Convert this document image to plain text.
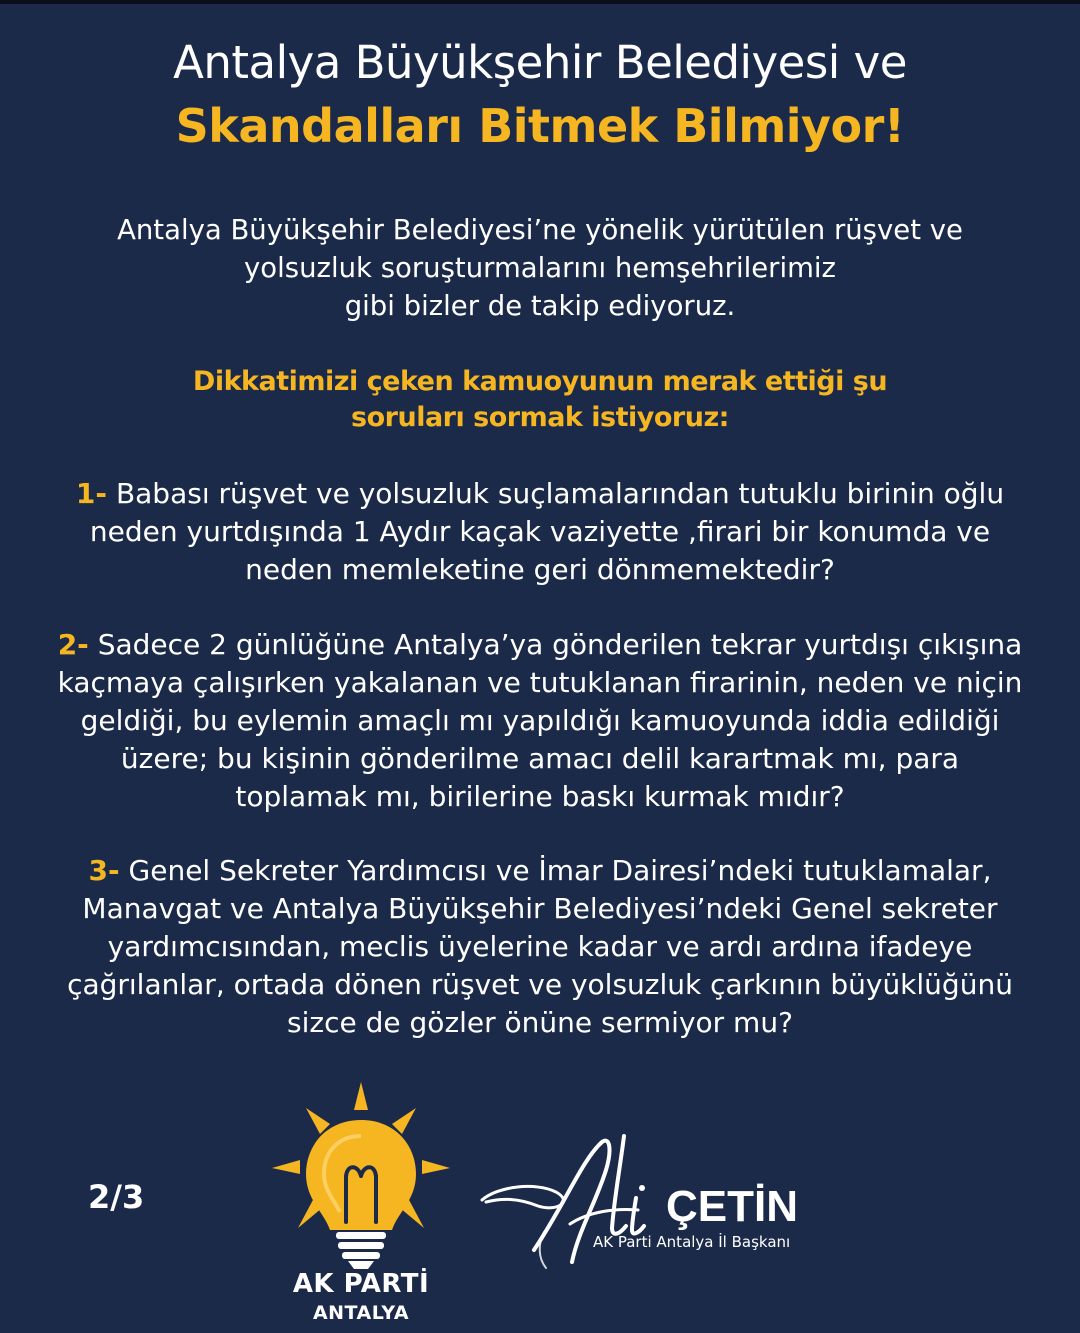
Antalya Büyükşehir Belediyesi ve
Skandalları Bitmek Bilmiyor!
Antalya Büyükşehir Belediyesi’ne yönelik yürütülen rüşvet ve
yolsuzluk soruşturmalarını hemşehrilerimiz
gibi bizler de takip ediyoruz.
Dikkatimizi çeken kamuoyunun merak ettiği şu
soruları sormak istiyoruz:
1- Babası rüşvet ve yolsuzluk suçlamalarından tutuklu birinin oğlu
neden yurtdışında 1 Aydır kaçak vaziyette ,firari bir konumda ve
neden memleketine geri dönmemektedir?
2- Sadece 2 günlüğüne Antalya’ya gönderilen tekrar yurtdışı çıkışına
kaçmaya çalışırken yakalanan ve tutuklanan firarinin, neden ve niçin
geldiği, bu eylemin amaçlı mı yapıldığı kamuoyunda iddia edildiği
üzere; bu kişinin gönderilme amacı delil karartmak mı, para
toplamak mı, birilerine baskı kurmak mıdır?
3- Genel Sekreter Yardımcısı ve İmar Dairesi’ndeki tutuklamalar,
Manavgat ve Antalya Büyükşehir Belediyesi’ndeki Genel sekreter
yardımcısından, meclis üyelerine kadar ve ardı ardına ifadeye
çağrılanlar, ortada dönen rüşvet ve yolsuzluk çarkının büyüklüğünü
sizce de gözler önüne sermiyor mu?
2/3
AK PARTİ
ANTALYA
ÇETİN
AK Parti Antalya İl Başkanı
